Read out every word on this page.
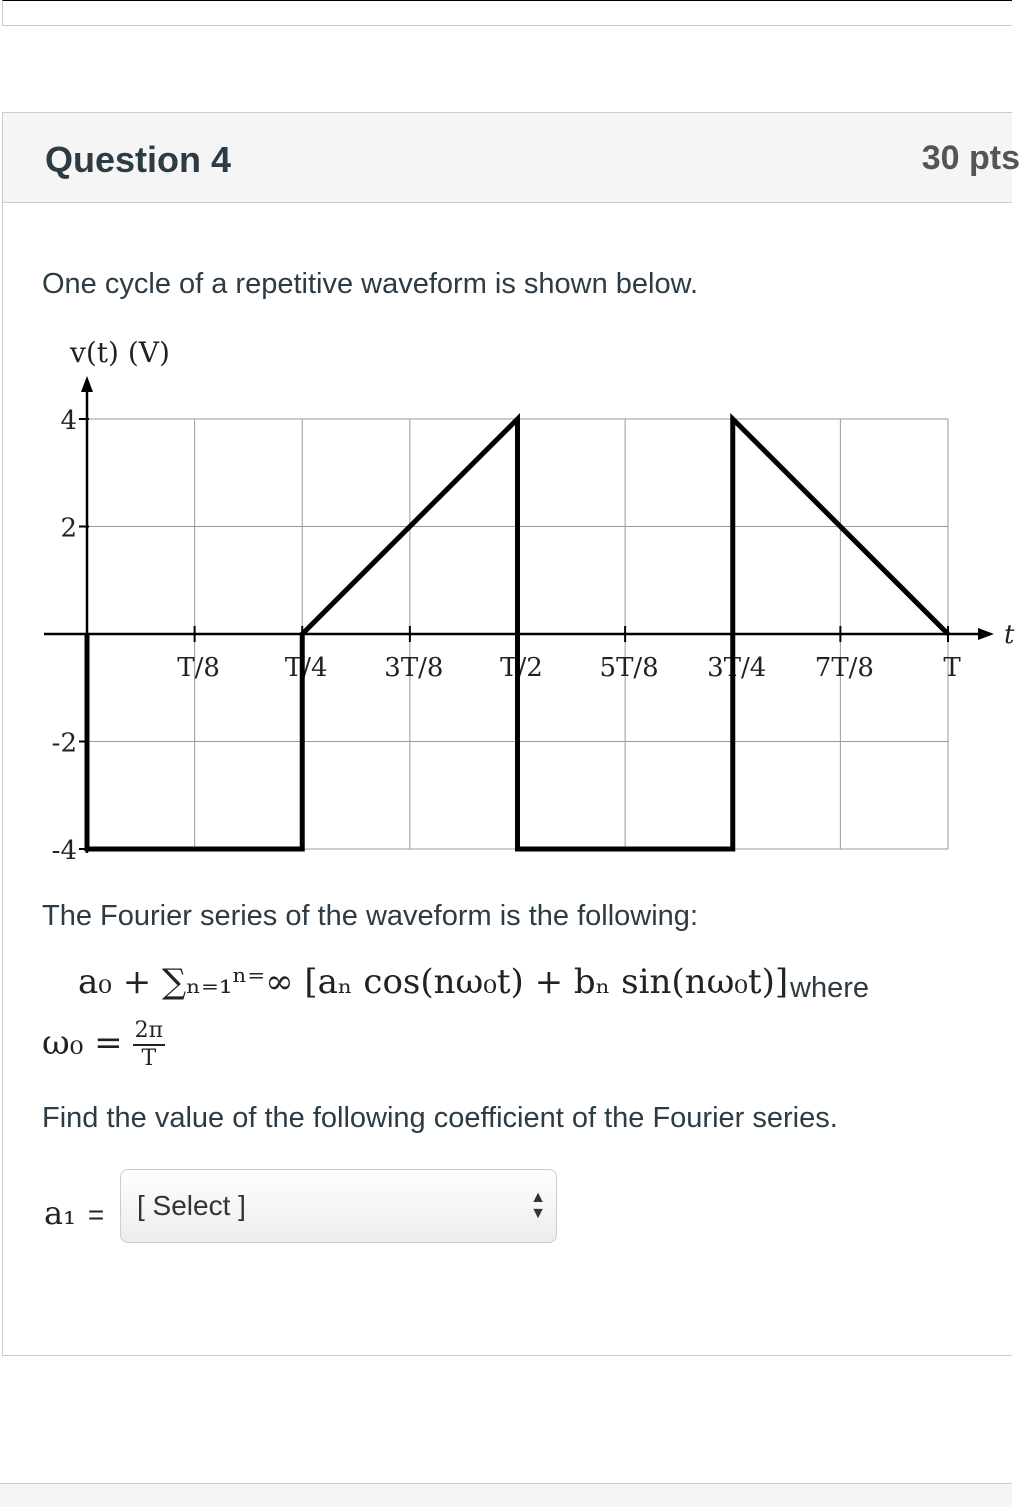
Question 4	30 pts
One cycle of a repetitive waveform is shown below.
T/8 T/4 3T/8 T/2 5T/8 3T/4 7T/8	T
4
2
-2
-4
v(t) (V)
t
The Fourier series of the waveform is the following:
a₀ + ∑ₙ₌₁ⁿ⁼∞ [aₙ cos(nω₀t) + bₙ sin(nω₀t)] where
$\omega_0 = \frac{2\pi}{T}$
Find the value of the following coefficient of the Fourier series.
a₁ = [ Select ]	▲
▼
